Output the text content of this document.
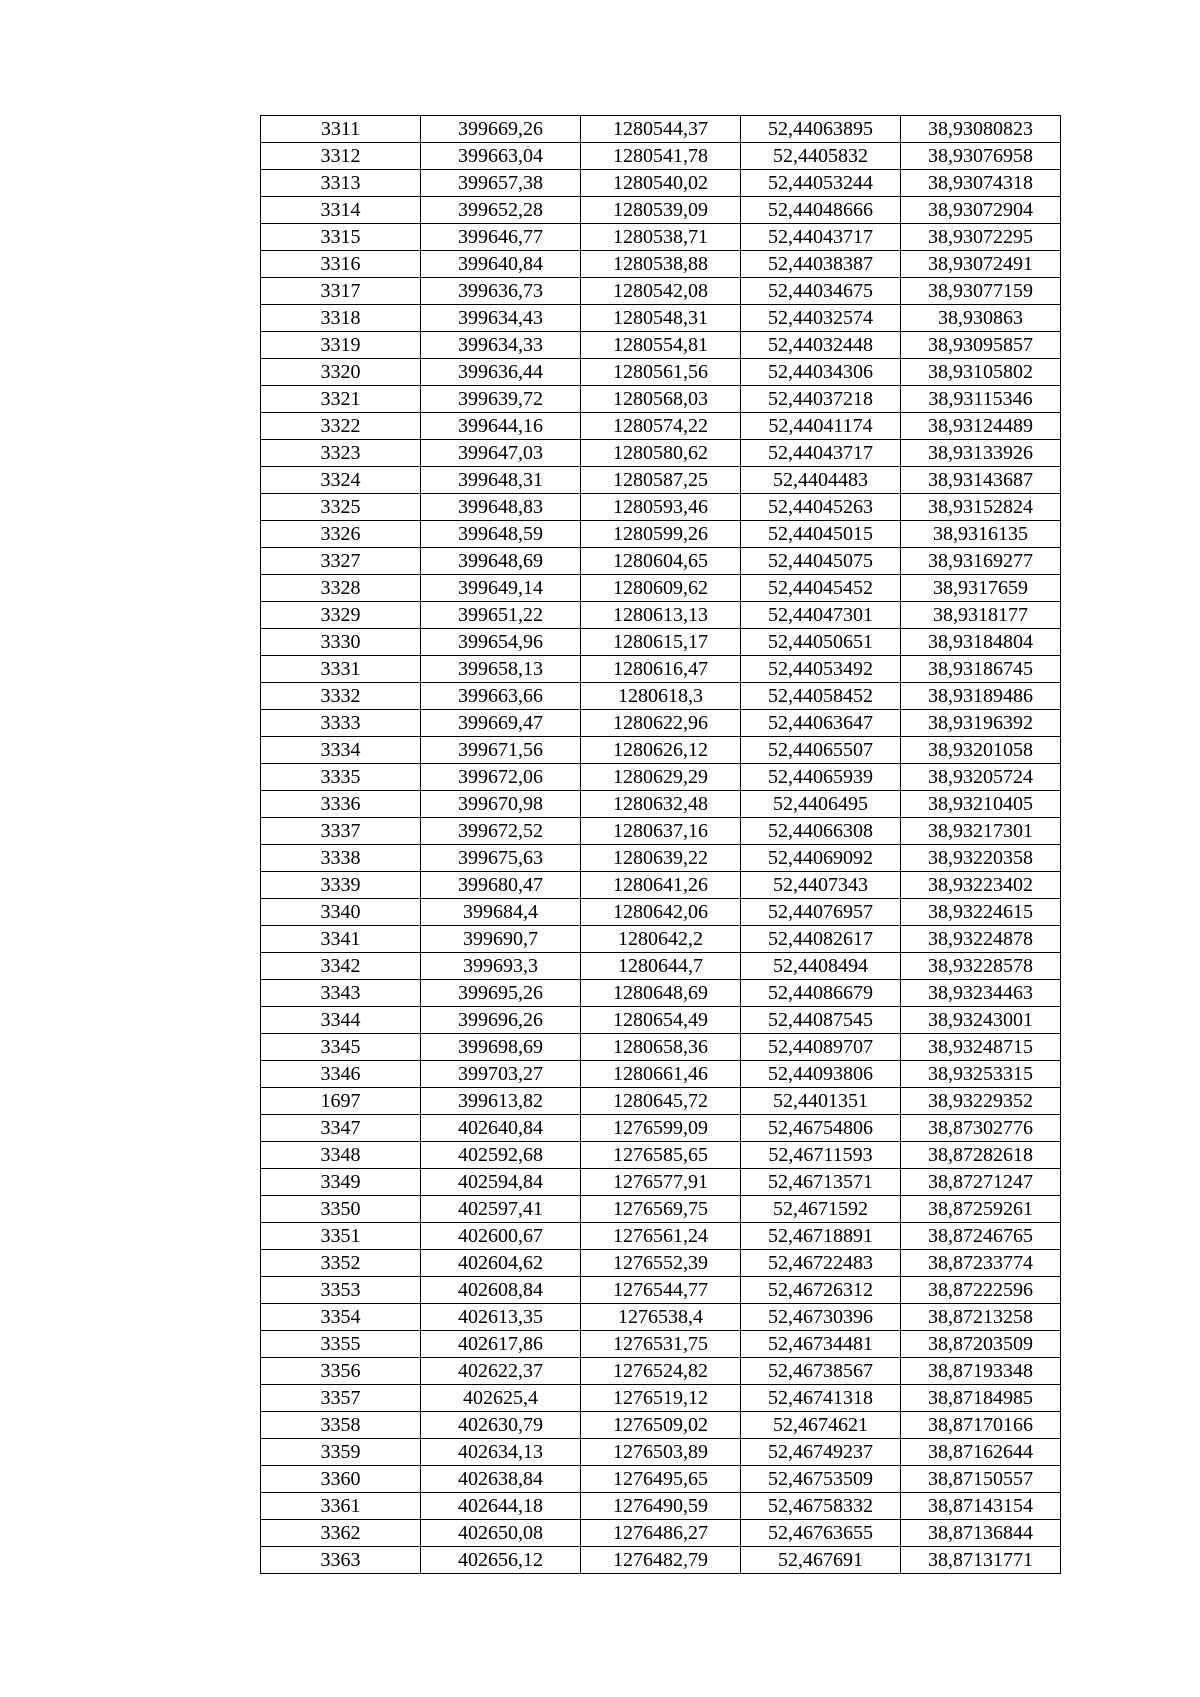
3311	399669,26	1280544,37	52,44063895	38,93080823
3312	399663,04	1280541,78	52,4405832	38,93076958
3313	399657,38	1280540,02	52,44053244	38,93074318
3314	399652,28	1280539,09	52,44048666	38,93072904
3315	399646,77	1280538,71	52,44043717	38,93072295
3316	399640,84	1280538,88	52,44038387	38,93072491
3317	399636,73	1280542,08	52,44034675	38,93077159
3318	399634,43	1280548,31	52,44032574	38,930863
3319	399634,33	1280554,81	52,44032448	38,93095857
3320	399636,44	1280561,56	52,44034306	38,93105802
3321	399639,72	1280568,03	52,44037218	38,93115346
3322	399644,16	1280574,22	52,44041174	38,93124489
3323	399647,03	1280580,62	52,44043717	38,93133926
3324	399648,31	1280587,25	52,4404483	38,93143687
3325	399648,83	1280593,46	52,44045263	38,93152824
3326	399648,59	1280599,26	52,44045015	38,9316135
3327	399648,69	1280604,65	52,44045075	38,93169277
3328	399649,14	1280609,62	52,44045452	38,9317659
3329	399651,22	1280613,13	52,44047301	38,9318177
3330	399654,96	1280615,17	52,44050651	38,93184804
3331	399658,13	1280616,47	52,44053492	38,93186745
3332	399663,66	1280618,3	52,44058452	38,93189486
3333	399669,47	1280622,96	52,44063647	38,93196392
3334	399671,56	1280626,12	52,44065507	38,93201058
3335	399672,06	1280629,29	52,44065939	38,93205724
3336	399670,98	1280632,48	52,4406495	38,93210405
3337	399672,52	1280637,16	52,44066308	38,93217301
3338	399675,63	1280639,22	52,44069092	38,93220358
3339	399680,47	1280641,26	52,4407343	38,93223402
3340	399684,4	1280642,06	52,44076957	38,93224615
3341	399690,7	1280642,2	52,44082617	38,93224878
3342	399693,3	1280644,7	52,4408494	38,93228578
3343	399695,26	1280648,69	52,44086679	38,93234463
3344	399696,26	1280654,49	52,44087545	38,93243001
3345	399698,69	1280658,36	52,44089707	38,93248715
3346	399703,27	1280661,46	52,44093806	38,93253315
1697	399613,82	1280645,72	52,4401351	38,93229352
3347	402640,84	1276599,09	52,46754806	38,87302776
3348	402592,68	1276585,65	52,46711593	38,87282618
3349	402594,84	1276577,91	52,46713571	38,87271247
3350	402597,41	1276569,75	52,4671592	38,87259261
3351	402600,67	1276561,24	52,46718891	38,87246765
3352	402604,62	1276552,39	52,46722483	38,87233774
3353	402608,84	1276544,77	52,46726312	38,87222596
3354	402613,35	1276538,4	52,46730396	38,87213258
3355	402617,86	1276531,75	52,46734481	38,87203509
3356	402622,37	1276524,82	52,46738567	38,87193348
3357	402625,4	1276519,12	52,46741318	38,87184985
3358	402630,79	1276509,02	52,4674621	38,87170166
3359	402634,13	1276503,89	52,46749237	38,87162644
3360	402638,84	1276495,65	52,46753509	38,87150557
3361	402644,18	1276490,59	52,46758332	38,87143154
3362	402650,08	1276486,27	52,46763655	38,87136844
3363	402656,12	1276482,79	52,467691	38,87131771
